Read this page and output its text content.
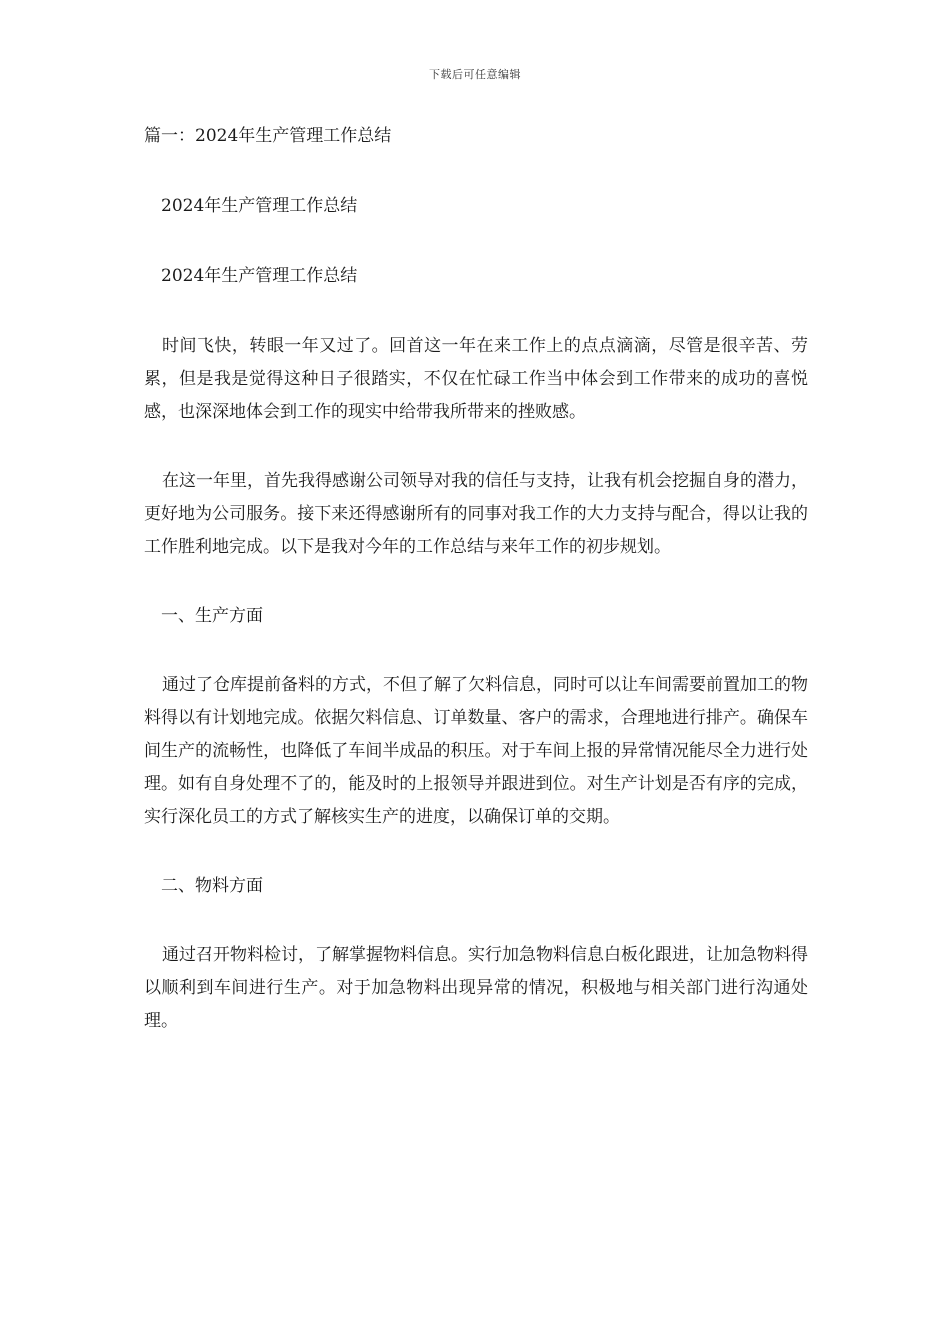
下载后可任意编辑

篇一：2024年生产管理工作总结

2024年生产管理工作总结

2024年生产管理工作总结

时间飞快，转眼一年又过了。回首这一年在来工作上的点点滴滴，尽管是很辛苦、劳累，但是我是觉得这种日子很踏实，不仅在忙碌工作当中体会到工作带来的成功的喜悦感，也深深地体会到工作的现实中给带我所带来的挫败感。

在这一年里，首先我得感谢公司领导对我的信任与支持，让我有机会挖掘自身的潜力，更好地为公司服务。接下来还得感谢所有的同事对我工作的大力支持与配合，得以让我的工作胜利地完成。以下是我对今年的工作总结与来年工作的初步规划。

一、生产方面

通过了仓库提前备料的方式，不但了解了欠料信息，同时可以让车间需要前置加工的物料得以有计划地完成。依据欠料信息、订单数量、客户的需求，合理地进行排产。确保车间生产的流畅性，也降低了车间半成品的积压。对于车间上报的异常情况能尽全力进行处理。如有自身处理不了的，能及时的上报领导并跟进到位。对生产计划是否有序的完成，实行深化员工的方式了解核实生产的进度，以确保订单的交期。

二、物料方面

通过召开物料检讨，了解掌握物料信息。实行加急物料信息白板化跟进，让加急物料得以顺利到车间进行生产。对于加急物料出现异常的情况，积极地与相关部门进行沟通处理。
